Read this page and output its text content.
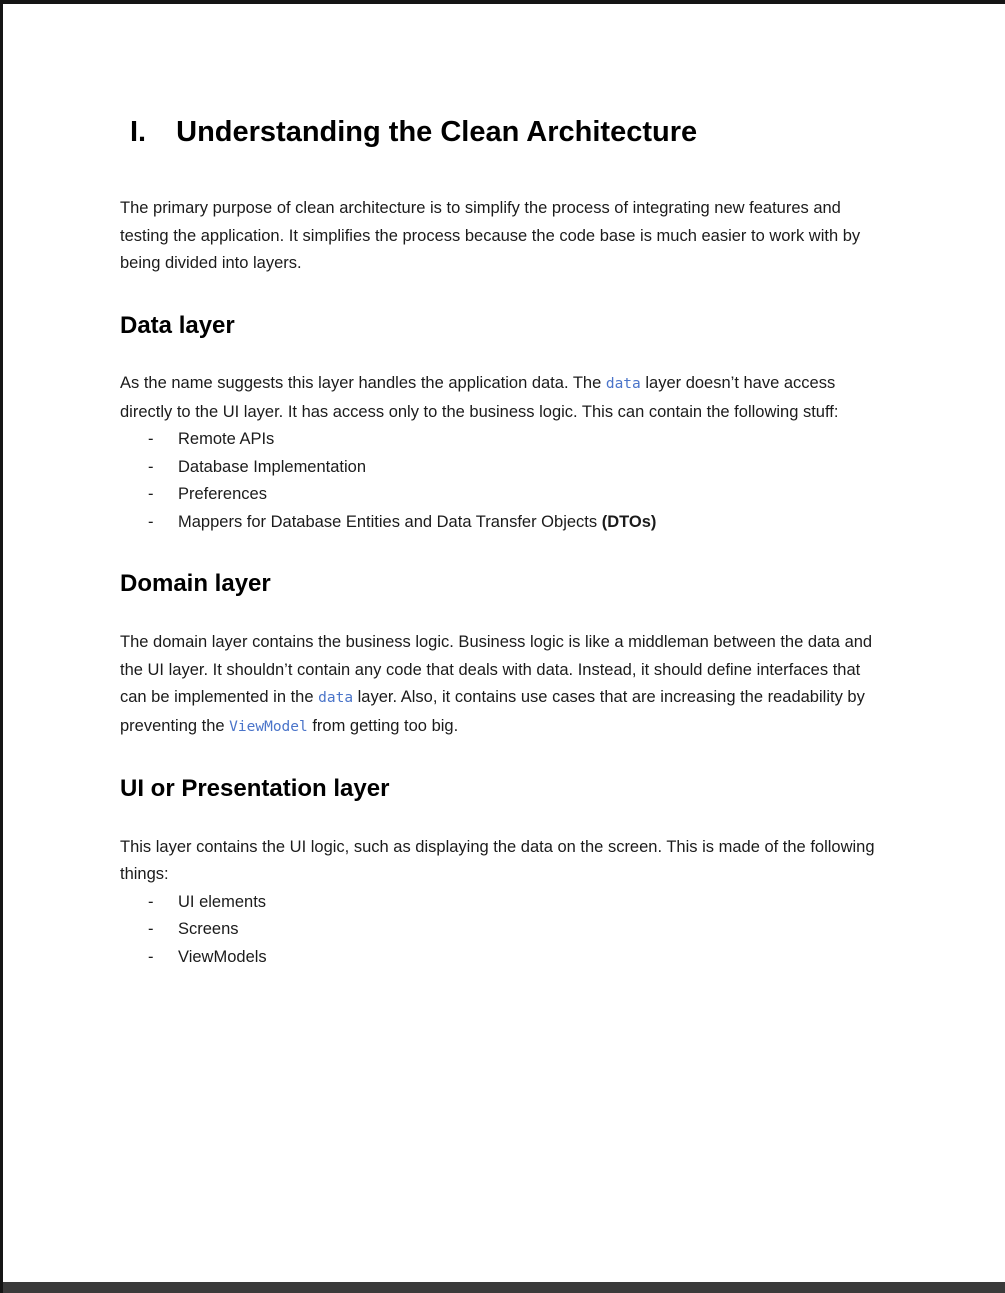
I. Understanding the Clean Architecture

The primary purpose of clean architecture is to simplify the process of integrating new features and testing the application. It simplifies the process because the code base is much easier to work with by being divided into layers.

Data layer

As the name suggests this layer handles the application data. The data layer doesn’t have access directly to the UI layer. It has access only to the business logic. This can contain the following stuff:

-	Remote APIs
-	Database Implementation
-	Preferences
-	Mappers for Database Entities and Data Transfer Objects (DTOs)
Domain layer

The domain layer contains the business logic. Business logic is like a middleman between the data and the UI layer. It shouldn’t contain any code that deals with data. Instead, it should define interfaces that can be implemented in the data layer. Also, it contains use cases that are increasing the readability by preventing the ViewModel from getting too big.

UI or Presentation layer

This layer contains the UI logic, such as displaying the data on the screen. This is made of the following things:

-	UI elements
-	Screens
-	ViewModels
